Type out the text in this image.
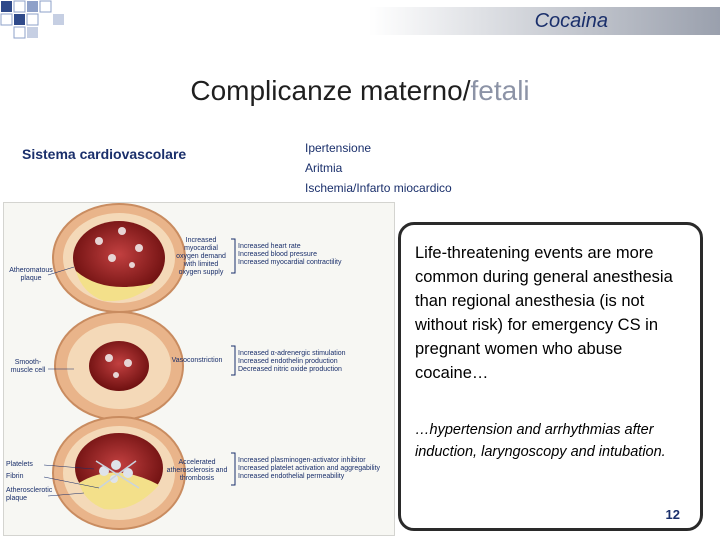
Cocaina
Complicanze materno/fetali
Sistema cardiovascolare	Ipertensione
Aritmia
Ischemia/Infarto miocardico
Atheromatous plaque
Smooth-muscle cell
Platelets
Fibrin
Atherosclerotic plaque
Increased myocardial oxygen demand with limited oxygen supply
Vasoconstriction
Accelerated atherosclerosis and thrombosis
Increased heart rate
Increased blood pressure
Increased myocardial contractility
Increased α-adrenergic stimulation
Increased endothelin production
Decreased nitric oxide production
Increased plasminogen-activator inhibitor
Increased platelet activation and aggregability
Increased endothelial permeability
Life-threatening events are more common during general anesthesia than regional anesthesia (is not without risk) for emergency CS in pregnant women who abuse cocaine…
…hypertension and arrhythmias after induction, laryngoscopy and intubation.
12
